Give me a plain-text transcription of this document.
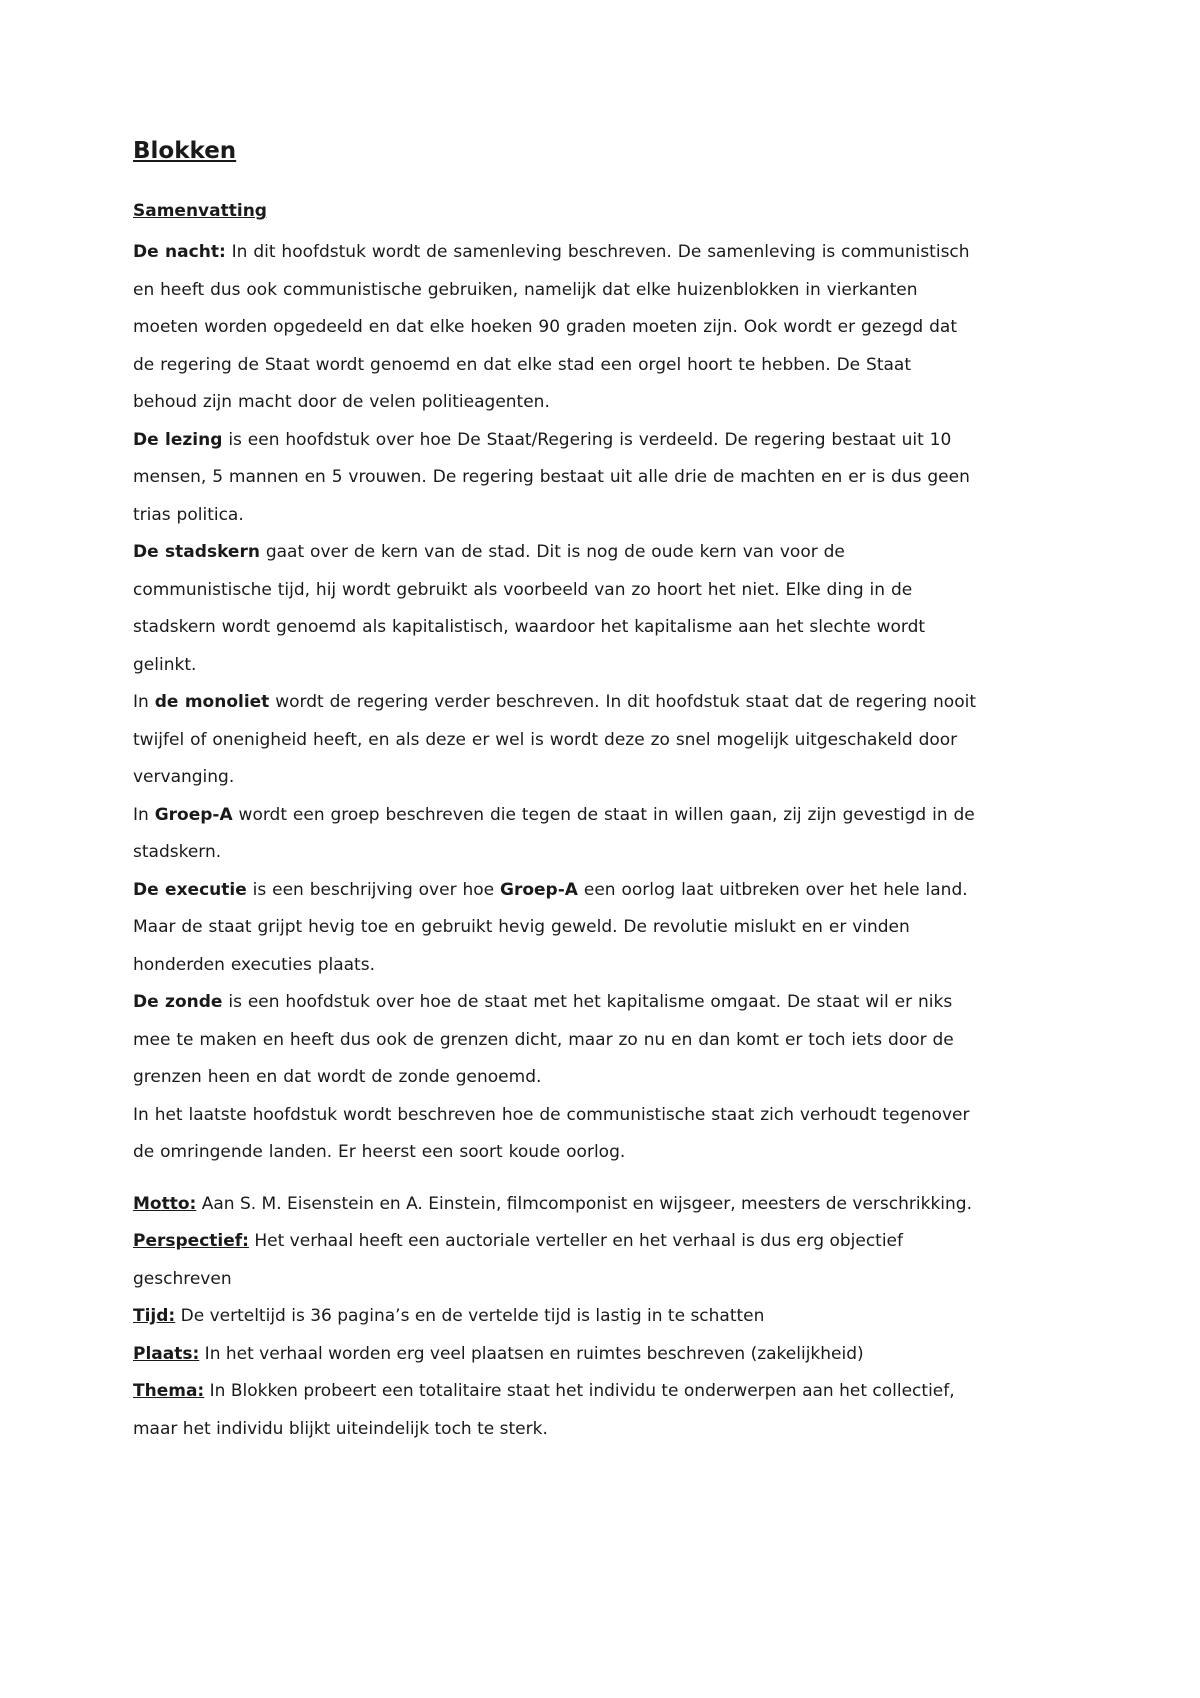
Blokken
Samenvatting

De nacht: In dit hoofdstuk wordt de samenleving beschreven. De samenleving is communistisch en heeft dus ook communistische gebruiken, namelijk dat elke huizenblokken in vierkanten moeten worden opgedeeld en dat elke hoeken 90 graden moeten zijn. Ook wordt er gezegd dat de regering de Staat wordt genoemd en dat elke stad een orgel hoort te hebben. De Staat behoud zijn macht door de velen politieagenten.

De lezing is een hoofdstuk over hoe De Staat/Regering is verdeeld. De regering bestaat uit 10 mensen, 5 mannen en 5 vrouwen. De regering bestaat uit alle drie de machten en er is dus geen trias politica.

De stadskern gaat over de kern van de stad. Dit is nog de oude kern van voor de communistische tijd, hij wordt gebruikt als voorbeeld van zo hoort het niet. Elke ding in de stadskern wordt genoemd als kapitalistisch, waardoor het kapitalisme aan het slechte wordt gelinkt.

In de monoliet wordt de regering verder beschreven. In dit hoofdstuk staat dat de regering nooit twijfel of onenigheid heeft, en als deze er wel is wordt deze zo snel mogelijk uitgeschakeld door vervanging.

In Groep-A wordt een groep beschreven die tegen de staat in willen gaan, zij zijn gevestigd in de stadskern.

De executie is een beschrijving over hoe Groep-A een oorlog laat uitbreken over het hele land. Maar de staat grijpt hevig toe en gebruikt hevig geweld. De revolutie mislukt en er vinden honderden executies plaats.

De zonde is een hoofdstuk over hoe de staat met het kapitalisme omgaat. De staat wil er niks mee te maken en heeft dus ook de grenzen dicht, maar zo nu en dan komt er toch iets door de grenzen heen en dat wordt de zonde genoemd.

In het laatste hoofdstuk wordt beschreven hoe de communistische staat zich verhoudt tegenover de omringende landen. Er heerst een soort koude oorlog.

Motto: Aan S. M. Eisenstein en A. Einstein, filmcomponist en wijsgeer, meesters de verschrikking.

Perspectief: Het verhaal heeft een auctoriale verteller en het verhaal is dus erg objectief geschreven

Tijd: De verteltijd is 36 pagina’s en de vertelde tijd is lastig in te schatten

Plaats: In het verhaal worden erg veel plaatsen en ruimtes beschreven (zakelijkheid)

Thema: In Blokken probeert een totalitaire staat het individu te onderwerpen aan het collectief, maar het individu blijkt uiteindelijk toch te sterk.
